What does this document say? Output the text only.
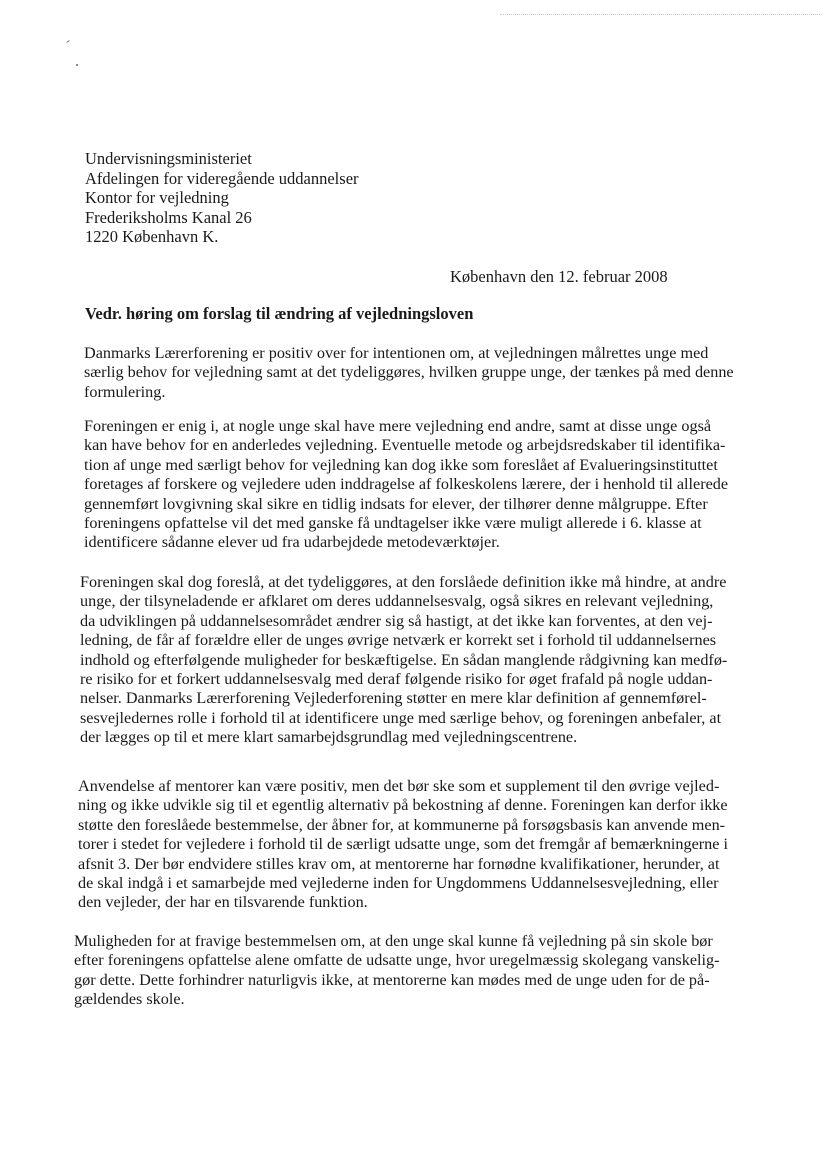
Undervisningsministeriet
Afdelingen for videregående uddannelser
Kontor for vejledning
Frederiksholms Kanal 26
1220 København K.
København den 12. februar 2008
Vedr. høring om forslag til ændring af vejledningsloven
Danmarks Lærerforening er positiv over for intentionen om, at vejledningen målrettes unge med
særlig behov for vejledning samt at det tydeliggøres, hvilken gruppe unge, der tænkes på med denne
formulering.
Foreningen er enig i, at nogle unge skal have mere vejledning end andre, samt at disse unge også
kan have behov for en anderledes vejledning. Eventuelle metode og arbejdsredskaber til identifika-
tion af unge med særligt behov for vejledning kan dog ikke som foreslået af Evalueringsinstituttet
foretages af forskere og vejledere uden inddragelse af folkeskolens lærere, der i henhold til allerede
gennemført lovgivning skal sikre en tidlig indsats for elever, der tilhører denne målgruppe. Efter
foreningens opfattelse vil det med ganske få undtagelser ikke være muligt allerede i 6. klasse at
identificere sådanne elever ud fra udarbejdede metodeværktøjer.
Foreningen skal dog foreslå, at det tydeliggøres, at den forslåede definition ikke må hindre, at andre
unge, der tilsyneladende er afklaret om deres uddannelsesvalg, også sikres en relevant vejledning,
da udviklingen på uddannelsesområdet ændrer sig så hastigt, at det ikke kan forventes, at den vej-
ledning, de får af forældre eller de unges øvrige netværk er korrekt set i forhold til uddannelsernes
indhold og efterfølgende muligheder for beskæftigelse. En sådan manglende rådgivning kan medfø-
re risiko for et forkert uddannelsesvalg med deraf følgende risiko for øget frafald på nogle uddan-
nelser. Danmarks Lærerforening Vejlederforening støtter en mere klar definition af gennemførel-
sesvejledernes rolle i forhold til at identificere unge med særlige behov, og foreningen anbefaler, at
der lægges op til et mere klart samarbejdsgrundlag med vejledningscentrene.
Anvendelse af mentorer kan være positiv, men det bør ske som et supplement til den øvrige vejled-
ning og ikke udvikle sig til et egentlig alternativ på bekostning af denne. Foreningen kan derfor ikke
støtte den foreslåede bestemmelse, der åbner for, at kommunerne på forsøgsbasis kan anvende men-
torer i stedet for vejledere i forhold til de særligt udsatte unge, som det fremgår af bemærkningerne i
afsnit 3. Der bør endvidere stilles krav om, at mentorerne har fornødne kvalifikationer, herunder, at
de skal indgå i et samarbejde med vejlederne inden for Ungdommens Uddannelsesvejledning, eller
den vejleder, der har en tilsvarende funktion.
Muligheden for at fravige bestemmelsen om, at den unge skal kunne få vejledning på sin skole bør
efter foreningens opfattelse alene omfatte de udsatte unge, hvor uregelmæssig skolegang vanskelig-
gør dette. Dette forhindrer naturligvis ikke, at mentorerne kan mødes med de unge uden for de på-
gældendes skole.
